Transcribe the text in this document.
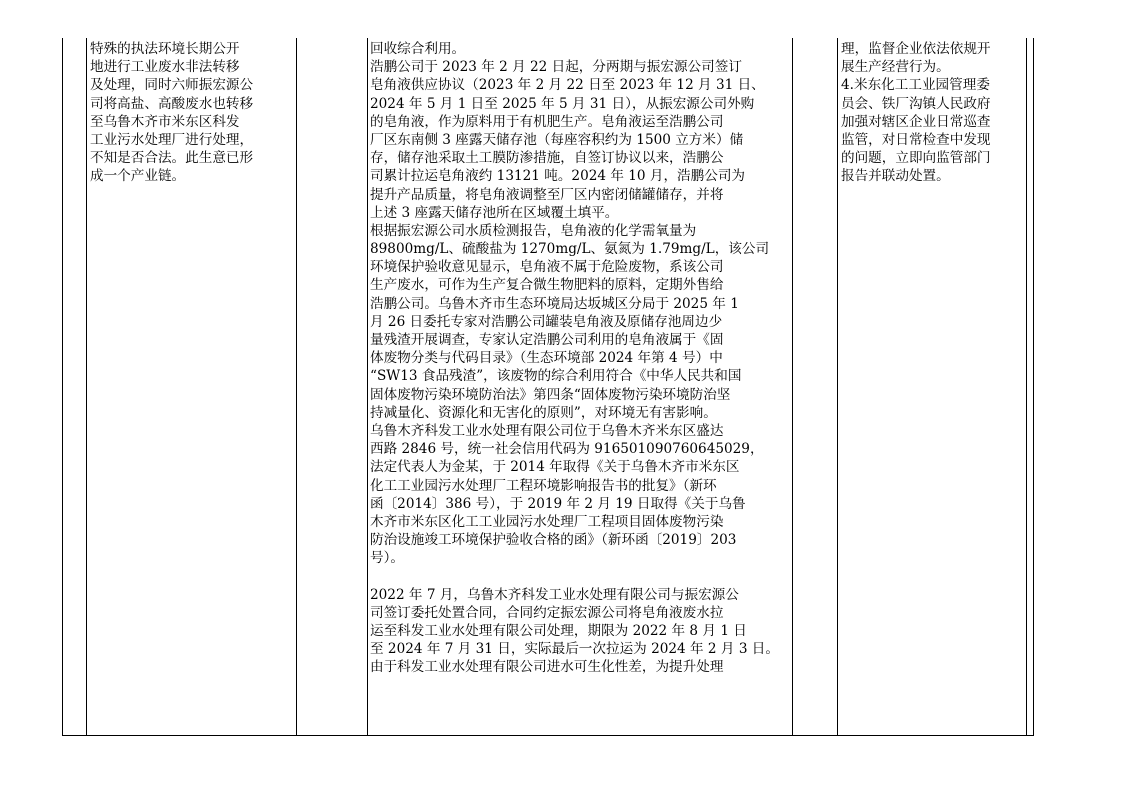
特殊的执法环境长期公开
地进行工业废水非法转移
及处理，同时六师振宏源公
司将高盐、高酸废水也转移
至乌鲁木齐市米东区科发
工业污水处理厂进行处理，
不知是否合法。此生意已形
成一个产业链。
回收综合利用。
浩鹏公司于 2023 年 2 月 22 日起，分两期与振宏源公司签订
皂角液供应协议（2023 年 2 月 22 日至 2023 年 12 月 31 日、
2024 年 5 月 1 日至 2025 年 5 月 31 日），从振宏源公司外购
的皂角液，作为原料用于有机肥生产。皂角液运至浩鹏公司
厂区东南侧 3 座露天储存池（每座容积约为 1500 立方米）储
存，储存池采取土工膜防渗措施，自签订协议以来，浩鹏公
司累计拉运皂角液约 13121 吨。2024 年 10 月，浩鹏公司为
提升产品质量，将皂角液调整至厂区内密闭储罐储存，并将
上述 3 座露天储存池所在区域覆土填平。
根据振宏源公司水质检测报告，皂角液的化学需氧量为
89800mg/L、硫酸盐为 1270mg/L、氨氮为 1.79mg/L，该公司
环境保护验收意见显示，皂角液不属于危险废物，系该公司
生产废水，可作为生产复合微生物肥料的原料，定期外售给
浩鹏公司。乌鲁木齐市生态环境局达坂城区分局于 2025 年 1
月 26 日委托专家对浩鹏公司罐装皂角液及原储存池周边少
量残渣开展调查，专家认定浩鹏公司利用的皂角液属于《固
体废物分类与代码目录》（生态环境部 2024 年第 4 号）中
“SW13 食品残渣”，该废物的综合利用符合《中华人民共和国
固体废物污染环境防治法》第四条“固体废物污染环境防治坚
持减量化、资源化和无害化的原则”，对环境无有害影响。
乌鲁木齐科发工业水处理有限公司位于乌鲁木齐米东区盛达
西路 2846 号，统一社会信用代码为 916501090760645029，
法定代表人为金某，于 2014 年取得《关于乌鲁木齐市米东区
化工工业园污水处理厂工程环境影响报告书的批复》（新环
函〔2014〕386 号），于 2019 年 2 月 19 日取得《关于乌鲁
木齐市米东区化工工业园污水处理厂工程项目固体废物污染
防治设施竣工环境保护验收合格的函》（新环函〔2019〕203
号）。
2022 年 7 月，乌鲁木齐科发工业水处理有限公司与振宏源公
司签订委托处置合同，合同约定振宏源公司将皂角液废水拉
运至科发工业水处理有限公司处理，期限为 2022 年 8 月 1 日
至 2024 年 7 月 31 日，实际最后一次拉运为 2024 年 2 月 3 日。
由于科发工业水处理有限公司进水可生化性差，为提升处理
理，监督企业依法依规开
展生产经营行为。
4.米东化工工业园管理委
员会、铁厂沟镇人民政府
加强对辖区企业日常巡查
监管，对日常检查中发现
的问题，立即向监管部门
报告并联动处置。
